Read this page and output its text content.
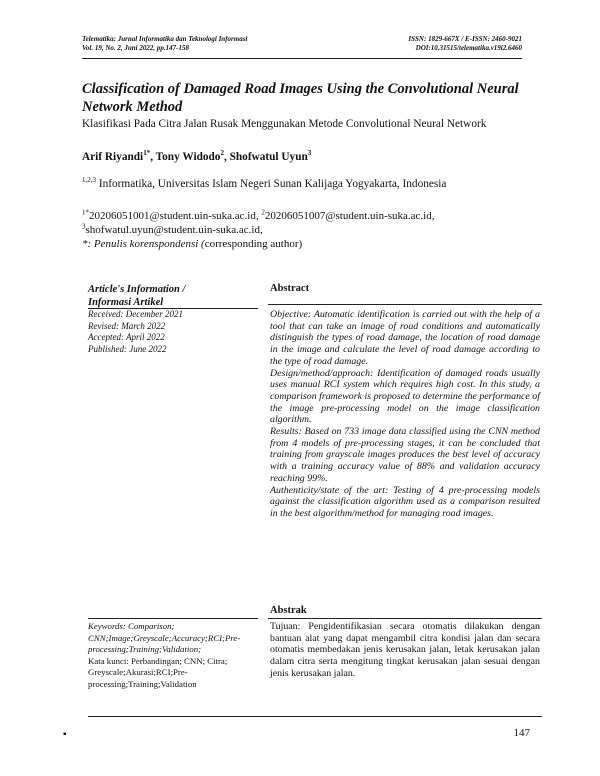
Telematika: Jurnal Informatika dan Teknologi Informasi
Vol. 19, No. 2, Juni 2022, pp.147-158
ISSN: 1829-667X / E-ISSN: 2460-9021
DOI:10.31515/telematika.v19i2.6460
Classification of Damaged Road Images Using the Convolutional Neural Network Method
Klasifikasi Pada Citra Jalan Rusak Menggunakan Metode Convolutional Neural Network
Arif Riyandi$^{1*}$, Tony Widodo$^2$, Shofwatul Uyun$^3$
$^{1,2,3}$ Informatika, Universitas Islam Negeri Sunan Kalijaga Yogyakarta, Indonesia
$^{1*}$20206051001@student.uin-suka.ac.id, $^2$20206051007@student.uin-suka.ac.id,
$^3$shofwatul.uyun@student.uin-suka.ac.id,
*: Penulis korenspondensi (corresponding author)
Article's Information /
Informasi Artikel
Received: December 2021
Revised: March 2022
Accepted: April 2022
Published: June 2022
Abstract

Objective: Automatic identification is carried out with the help of a tool that can take an image of road conditions and automatically distinguish the types of road damage, the location of road damage in the image and calculate the level of road damage according to the type of road damage.

Design/method/approach: Identification of damaged roads usually uses manual RCI system which requires high cost. In this study, a comparison framework is proposed to determine the performance of the image pre-processing model on the image classification algorithm.

Results: Based on 733 image data classified using the CNN method from 4 models of pre-processing stages, it can be concluded that training from grayscale images produces the best level of accuracy with a training accuracy value of 88% and validation accuracy reaching 99%.

Authenticity/state of the art: Testing of 4 pre-processing models against the classification algorithm used as a comparison resulted in the best algorithm/method for managing road images.

Abstrak
Tujuan: Pengidentifikasian secara otomatis dilakukan dengan bantuan alat yang dapat mengambil citra kondisi jalan dan secara otomatis membedakan jenis kerusakan jalan, letak kerusakan jalan dalam citra serta mengitung tingkat kerusakan jalan sesuai dengan jenis kerusakan jalan.
Keywords: Comparison; CNN;Image;Greyscale;Accuracy;RCI;Pre-processing;Training;Validation;
Kata kunci: Perbandingan; CNN; Citra; Greyscale;Akurasi;RCI;Pre-processing;Training;Validation
▪	147
